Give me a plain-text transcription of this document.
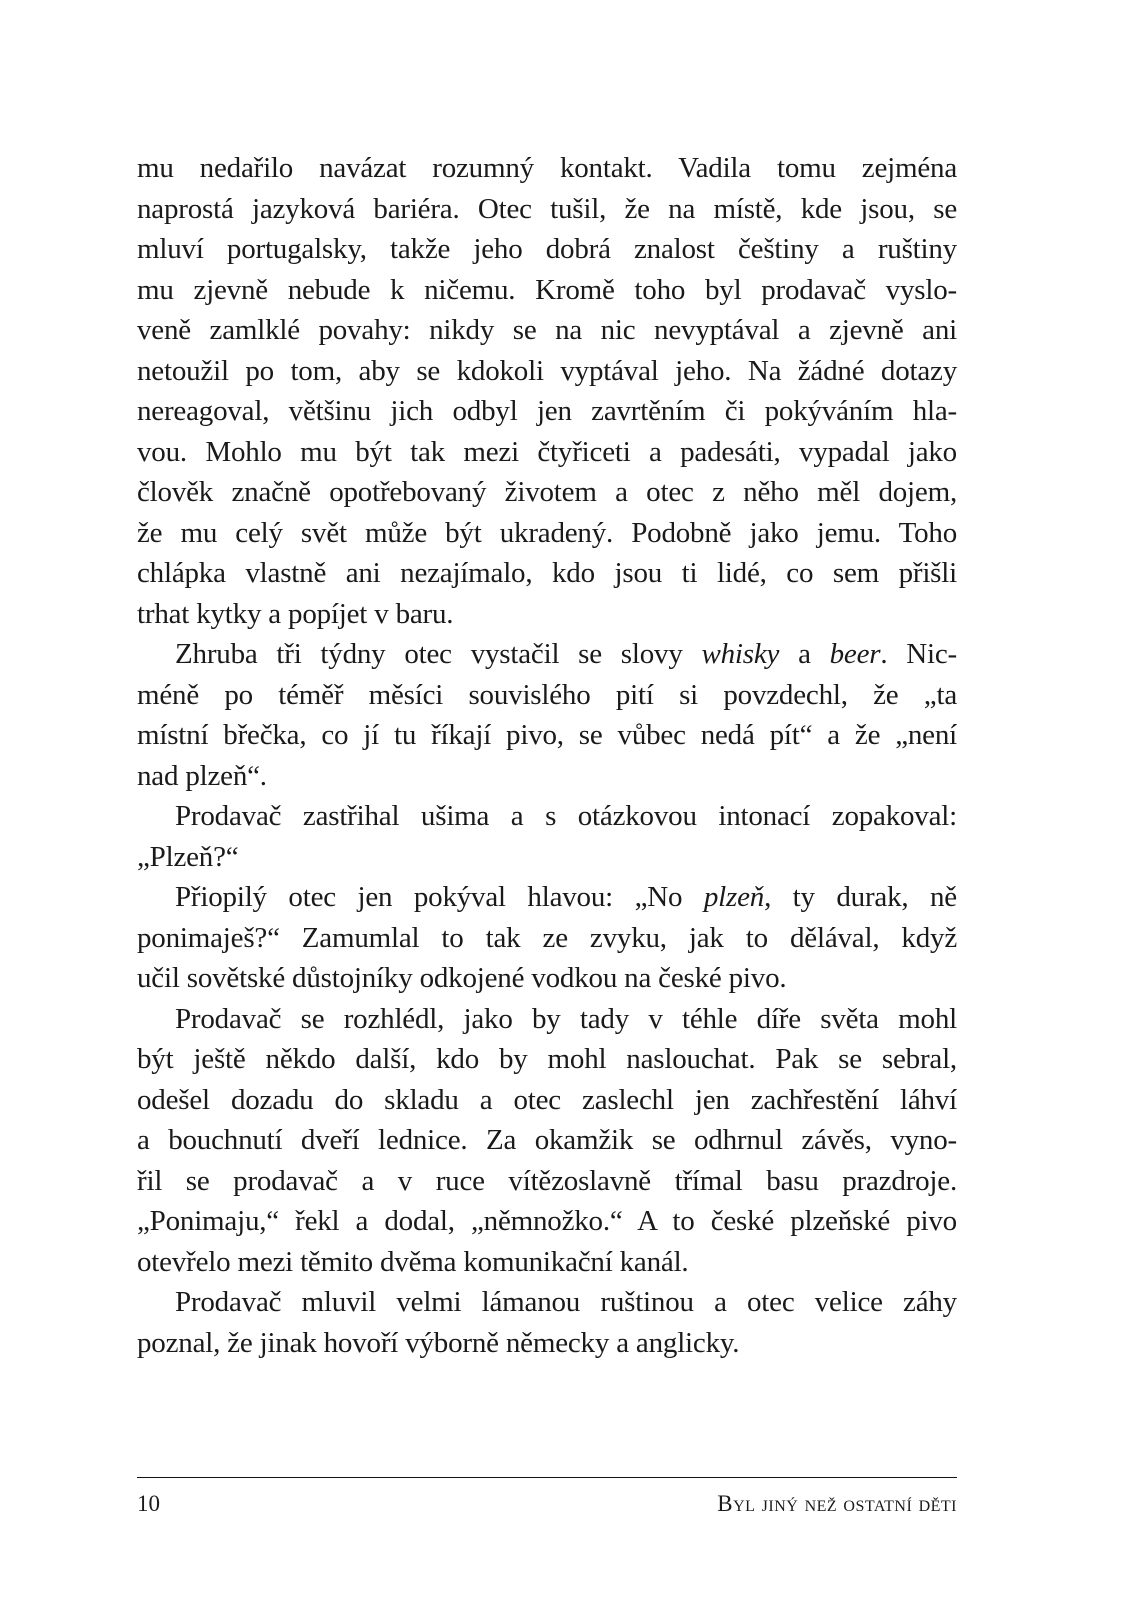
mu nedařilo navázat rozumný kontakt. Vadila tomu zejména
naprostá jazyková bariéra. Otec tušil, že na místě, kde jsou, se
mluví portugalsky, takže jeho dobrá znalost češtiny a ruštiny
mu zjevně nebude k ničemu. Kromě toho byl prodavač vyslo-
veně zamlklé povahy: nikdy se na nic nevyptával a zjevně ani
netoužil po tom, aby se kdokoli vyptával jeho. Na žádné dotazy
nereagoval, většinu jich odbyl jen zavrtěním či pokýváním hla-
vou. Mohlo mu být tak mezi čtyřiceti a padesáti, vypadal jako
člověk značně opotřebovaný životem a otec z něho měl dojem,
že mu celý svět může být ukradený. Podobně jako jemu. Toho
chlápka vlastně ani nezajímalo, kdo jsou ti lidé, co sem přišli
trhat kytky a popíjet v baru.
Zhruba tři týdny otec vystačil se slovy whisky a beer. Nic-
méně po téměř měsíci souvislého pití si povzdechl, že „ta
místní břečka, co jí tu říkají pivo, se vůbec nedá pít“ a že „není
nad plzeň“.
Prodavač zastřihal ušima a s otázkovou intonací zopakoval:
„Plzeň?“
Přiopilý otec jen pokýval hlavou: „No plzeň, ty durak, ně
ponimaješ?“ Zamumlal to tak ze zvyku, jak to dělával, když
učil sovětské důstojníky odkojené vodkou na české pivo.
Prodavač se rozhlédl, jako by tady v téhle díře světa mohl
být ještě někdo další, kdo by mohl naslouchat. Pak se sebral,
odešel dozadu do skladu a otec zaslechl jen zachřestění láhví
a bouchnutí dveří lednice. Za okamžik se odhrnul závěs, vyno-
řil se prodavač a v ruce vítězoslavně třímal basu prazdroje.
„Ponimaju,“ řekl a dodal, „němnožko.“ A to české plzeňské pivo
otevřelo mezi těmito dvěma komunikační kanál.
Prodavač mluvil velmi lámanou ruštinou a otec velice záhy
poznal, že jinak hovoří výborně německy a anglicky.
10	Byl jiný než ostatní děti
